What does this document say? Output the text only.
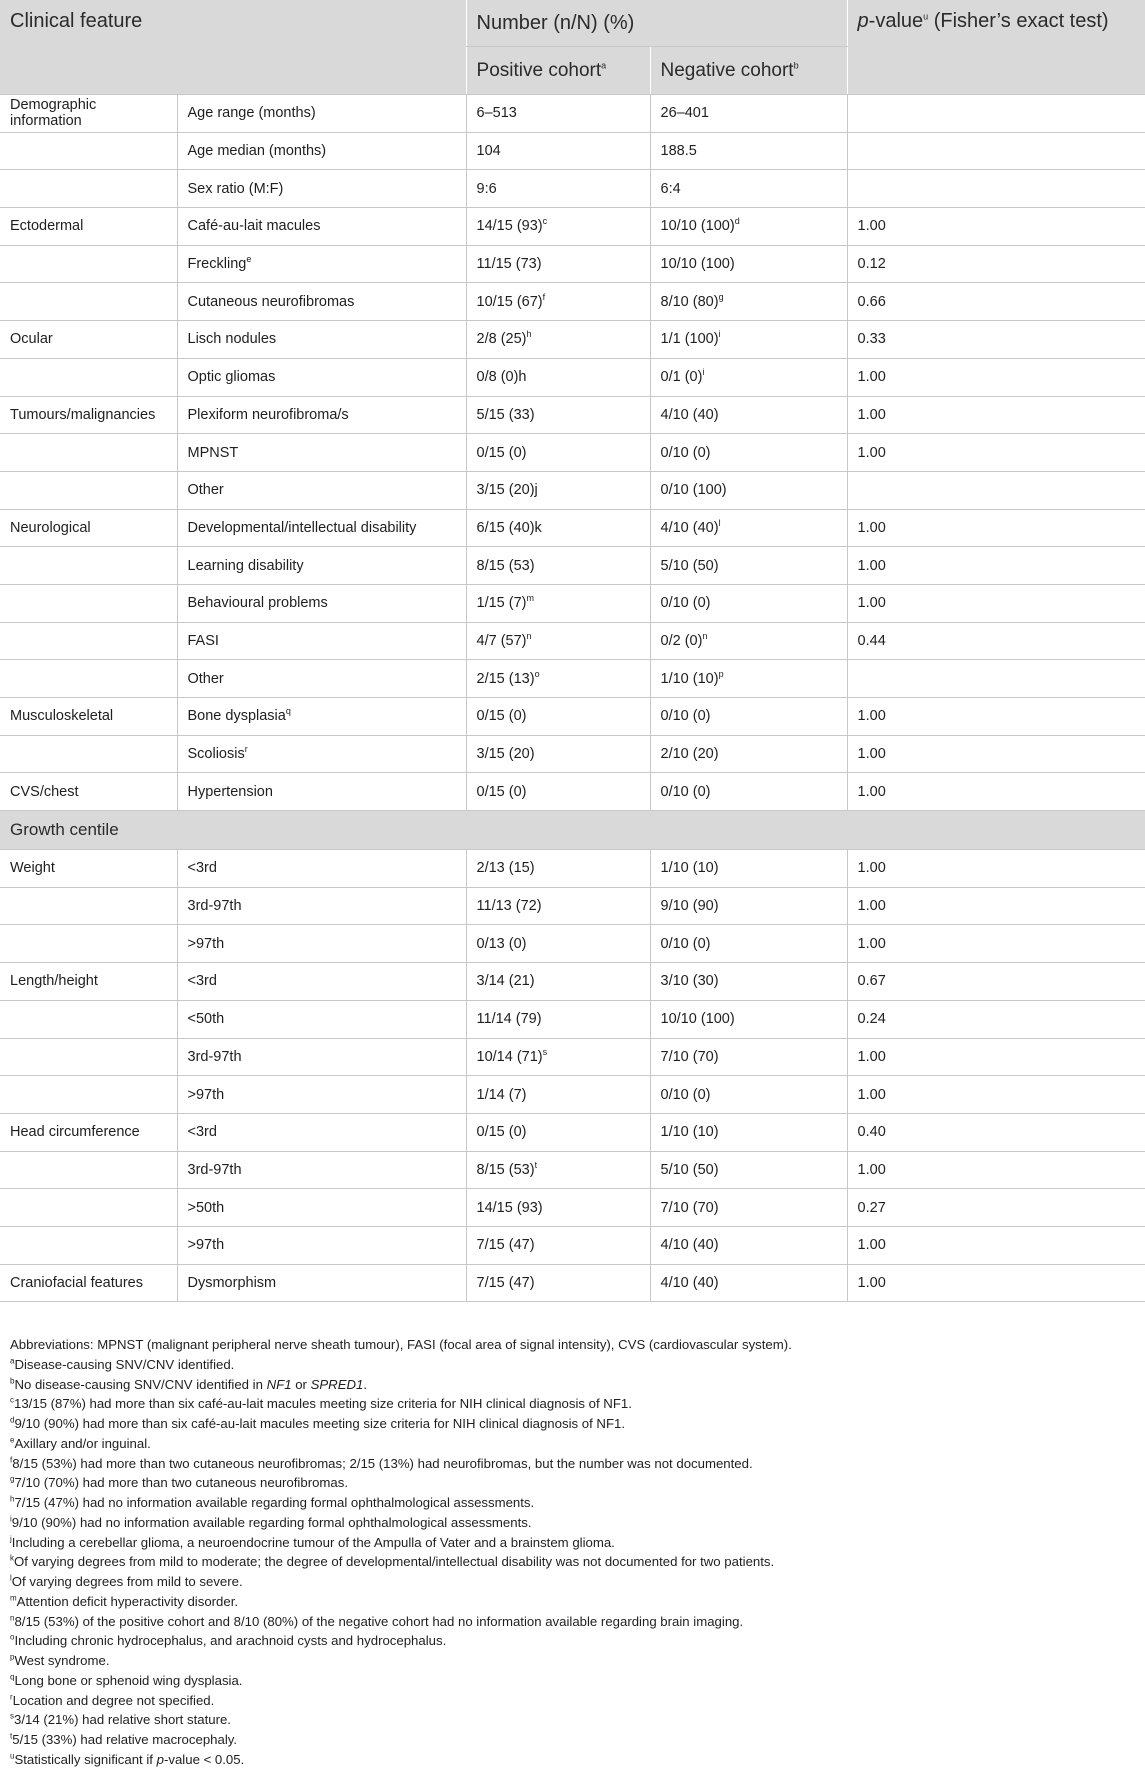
Clinical feature		Number (n/N) (%)		p-value$^u$ (Fisher’s exact test)
		Positive cohort$^a$	Negative cohort$^b$
Demographic information	Age range (months)	6–513	26–401	
	Age median (months)	104	188.5	
	Sex ratio (M:F)	9:6	6:4	
Ectodermal	Café-au-lait macules	14/15 $(93)^c$	10/10 $(100)^d$	1.00
	Freckling$^e$	11/15 (73)	10/10 (100)	0.12
	Cutaneous neurofibromas	10/15 $(67)^f$	8/10 $(80)^g$	0.66
Ocular	Lisch nodules	2/8 $(25)^h$	1/1 $(100)^i$	0.33
	Optic gliomas	0/8 (0)h	0/1 $(0)^i$	1.00
Tumours/malignancies	Plexiform neurofibroma/s	5/15 (33)	4/10 (40)	1.00
	MPNST	0/15 (0)	0/10 (0)	1.00
	Other	3/15 (20)j	0/10 (100)	
Neurological	Developmental/intellectual disability	6/15 (40)k	4/10 $(40)^l$	1.00
	Learning disability	8/15 (53)	5/10 (50)	1.00
	Behavioural problems	1/15 $(7)^m$	0/10 (0)	1.00
	FASI	4/7 $(57)^n$	0/2 $(0)^n$	0.44
	Other	2/15 $(13)^o$	1/10 $(10)^p$	
Musculoskeletal	Bone dysplasia$^q$	0/15 (0)	0/10 (0)	1.00
	Scoliosis$^r$	3/15 (20)	2/10 (20)	1.00
CVS/chest	Hypertension	0/15 (0)	0/10 (0)	1.00
Growth centile				
Weight	<3rd	2/13 (15)	1/10 (10)	1.00
	3rd-97th	11/13 (72)	9/10 (90)	1.00
	>97th	0/13 (0)	0/10 (0)	1.00
Length/height	<3rd	3/14 (21)	3/10 (30)	0.67
	<50th	11/14 (79)	10/10 (100)	0.24
	3rd-97th	10/14 $(71)^s$	7/10 (70)	1.00
	>97th	1/14 (7)	0/10 (0)	1.00
Head circumference	<3rd	0/15 (0)	1/10 (10)	0.40
	3rd-97th	8/15 $(53)^t$	5/10 (50)	1.00
	>50th	14/15 (93)	7/10 (70)	0.27
	>97th	7/15 (47)	4/10 (40)	1.00
Craniofacial features	Dysmorphism	7/15 (47)	4/10 (40)	1.00
Abbreviations: MPNST (malignant peripheral nerve sheath tumour), FASI (focal area of signal intensity), CVS (cardiovascular system).
$^a$Disease-causing SNV/CNV identified.
$^b$No disease-causing SNV/CNV identified in NF1 or SPRED1.
$^c$13/15 (87%) had more than six café-au-lait macules meeting size criteria for NIH clinical diagnosis of NF1.
$^d$9/10 (90%) had more than six café-au-lait macules meeting size criteria for NIH clinical diagnosis of NF1.
$^e$Axillary and/or inguinal.
$^f$8/15 (53%) had more than two cutaneous neurofibromas; 2/15 (13%) had neurofibromas, but the number was not documented.
$^g$7/10 (70%) had more than two cutaneous neurofibromas.
$^h$7/15 (47%) had no information available regarding formal ophthalmological assessments.
$^i$9/10 (90%) had no information available regarding formal ophthalmological assessments.
$^j$Including a cerebellar glioma, a neuroendocrine tumour of the Ampulla of Vater and a brainstem glioma.
$^k$Of varying degrees from mild to moderate; the degree of developmental/intellectual disability was not documented for two patients.
$^l$Of varying degrees from mild to severe.
$^m$Attention deficit hyperactivity disorder.
$^n$8/15 (53%) of the positive cohort and 8/10 (80%) of the negative cohort had no information available regarding brain imaging.
$^o$Including chronic hydrocephalus, and arachnoid cysts and hydrocephalus.
$^p$West syndrome.
$^q$Long bone or sphenoid wing dysplasia.
$^r$Location and degree not specified.
$^s$3/14 (21%) had relative short stature.
$^t$5/15 (33%) had relative macrocephaly.
$^u$Statistically significant if p-value < 0.05.
